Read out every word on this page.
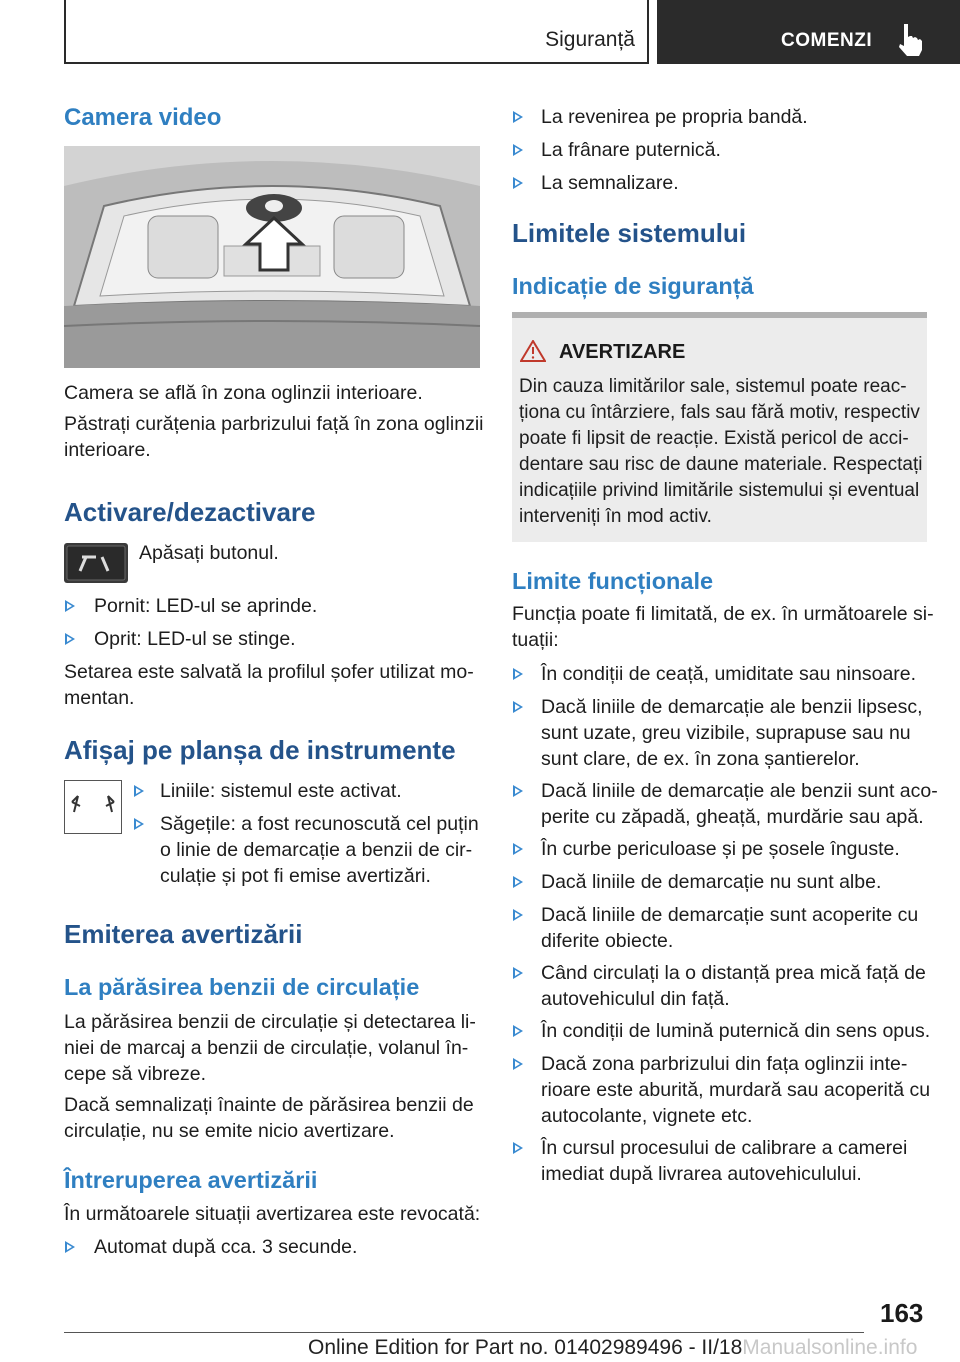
Siguranță	COMENZI
Camera video
Camera se află în zona oglinzii interioare.
Păstrați curățenia parbrizului față în zona oglinzii
interioare.
Activare/dezactivare
Apăsați butonul.
Pornit: LED-ul se aprinde.
Oprit: LED-ul se stinge.
Setarea este salvată la profilul șofer utilizat mo-
mentan.
Afișaj pe planșa de instrumente
Liniile: sistemul este activat.
Săgețile: a fost recunoscută cel puțin
o linie de demarcație a benzii de cir-
culație și pot fi emise avertizări.
Emiterea avertizării
La părăsirea benzii de circulație
La părăsirea benzii de circulație și detectarea li-
niei de marcaj a benzii de circulație, volanul în-
cepe să vibreze.
Dacă semnalizați înainte de părăsirea benzii de
circulație, nu se emite nicio avertizare.
Întreruperea avertizării
În următoarele situații avertizarea este revocată:
Automat după cca. 3 secunde.
La revenirea pe propria bandă.
La frânare puternică.
La semnalizare.
Limitele sistemului
Indicație de siguranță
AVERTIZARE
Din cauza limitărilor sale, sistemul poate reac-
ționa cu întârziere, fals sau fără motiv, respectiv
poate fi lipsit de reacție. Există pericol de acci-
dentare sau risc de daune materiale. Respectați
indicațiile privind limitările sistemului și eventual
interveniți în mod activ.
Limite funcționale
Funcția poate fi limitată, de ex. în următoarele si-
tuații:
În condiții de ceață, umiditate sau ninsoare.
Dacă liniile de demarcație ale benzii lipsesc,
sunt uzate, greu vizibile, suprapuse sau nu
sunt clare, de ex. în zona șantierelor.
Dacă liniile de demarcație ale benzii sunt aco-
perite cu zăpadă, gheață, murdărie sau apă.
În curbe periculoase și pe șosele înguste.
Dacă liniile de demarcație nu sunt albe.
Dacă liniile de demarcație sunt acoperite cu
diferite obiecte.
Când circulați la o distanță prea mică față de
autovehiculul din față.
În condiții de lumină puternică din sens opus.
Dacă zona parbrizului din fața oglinzii inte-
rioare este aburită, murdară sau acoperită cu
autocolante, vignete etc.
În cursul procesului de calibrare a camerei
imediat după livrarea autovehiculului.
163
Online Edition for Part no. 01402989496 - II/18Manualsonline.info
